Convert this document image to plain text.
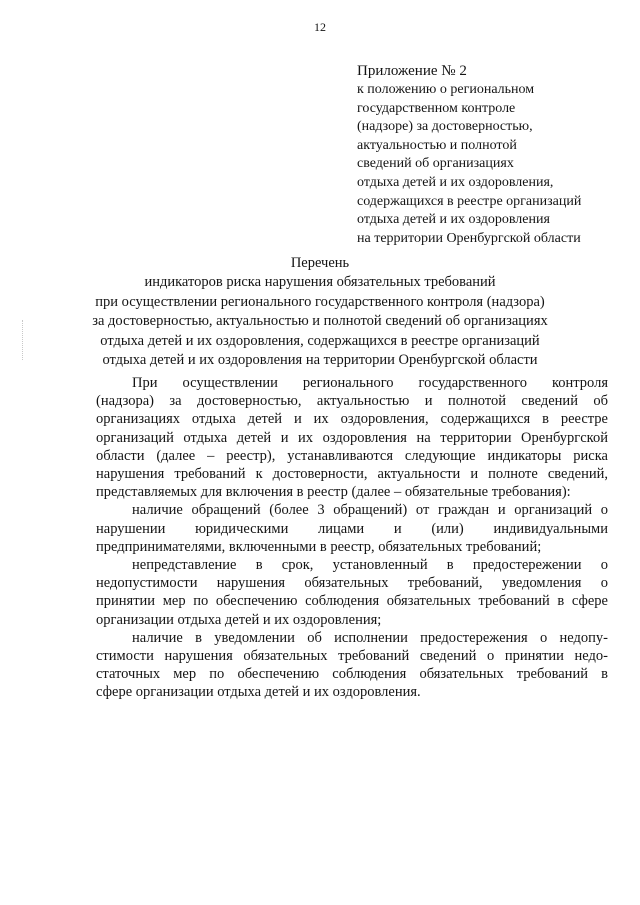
12
Приложение № 2
к положению о региональном
государственном контроле
(надзоре) за достоверностью,
актуальностью и полнотой
сведений об организациях
отдыха детей и их оздоровления,
содержащихся в реестре организаций
отдыха детей и их оздоровления
на территории Оренбургской области
Перечень
индикаторов риска нарушения обязательных требований
при осуществлении регионального государственного контроля (надзора)
за достоверностью, актуальностью и полнотой сведений об организациях
отдыха детей и их оздоровления, содержащихся в реестре организаций
отдыха детей и их оздоровления на территории Оренбургской области

При осуществлении регионального государственного контроля
(надзора) за достоверностью, актуальностью и полнотой сведений об
организациях отдыха детей и их оздоровления, содержащихся в реестре
организаций отдыха детей и их оздоровления на территории Оренбургской
области (далее – реестр), устанавливаются следующие индикаторы риска
нарушения требований к достоверности, актуальности и полноте сведений,
представляемых для включения в реестр (далее – обязательные требования):

наличие обращений (более 3 обращений) от граждан и организаций о
нарушении юридическими лицами и (или) индивидуальными
предпринимателями, включенными в реестр, обязательных требований;

непредставление в срок, установленный в предостережении о
недопустимости нарушения обязательных требований, уведомления о
принятии мер по обеспечению соблюдения обязательных требований в сфере
организации отдыха детей и их оздоровления;

наличие в уведомлении об исполнении предостережения о недопу-
стимости нарушения обязательных требований сведений о принятии недо-
статочных мер по обеспечению соблюдения обязательных требований в
сфере организации отдыха детей и их оздоровления.
